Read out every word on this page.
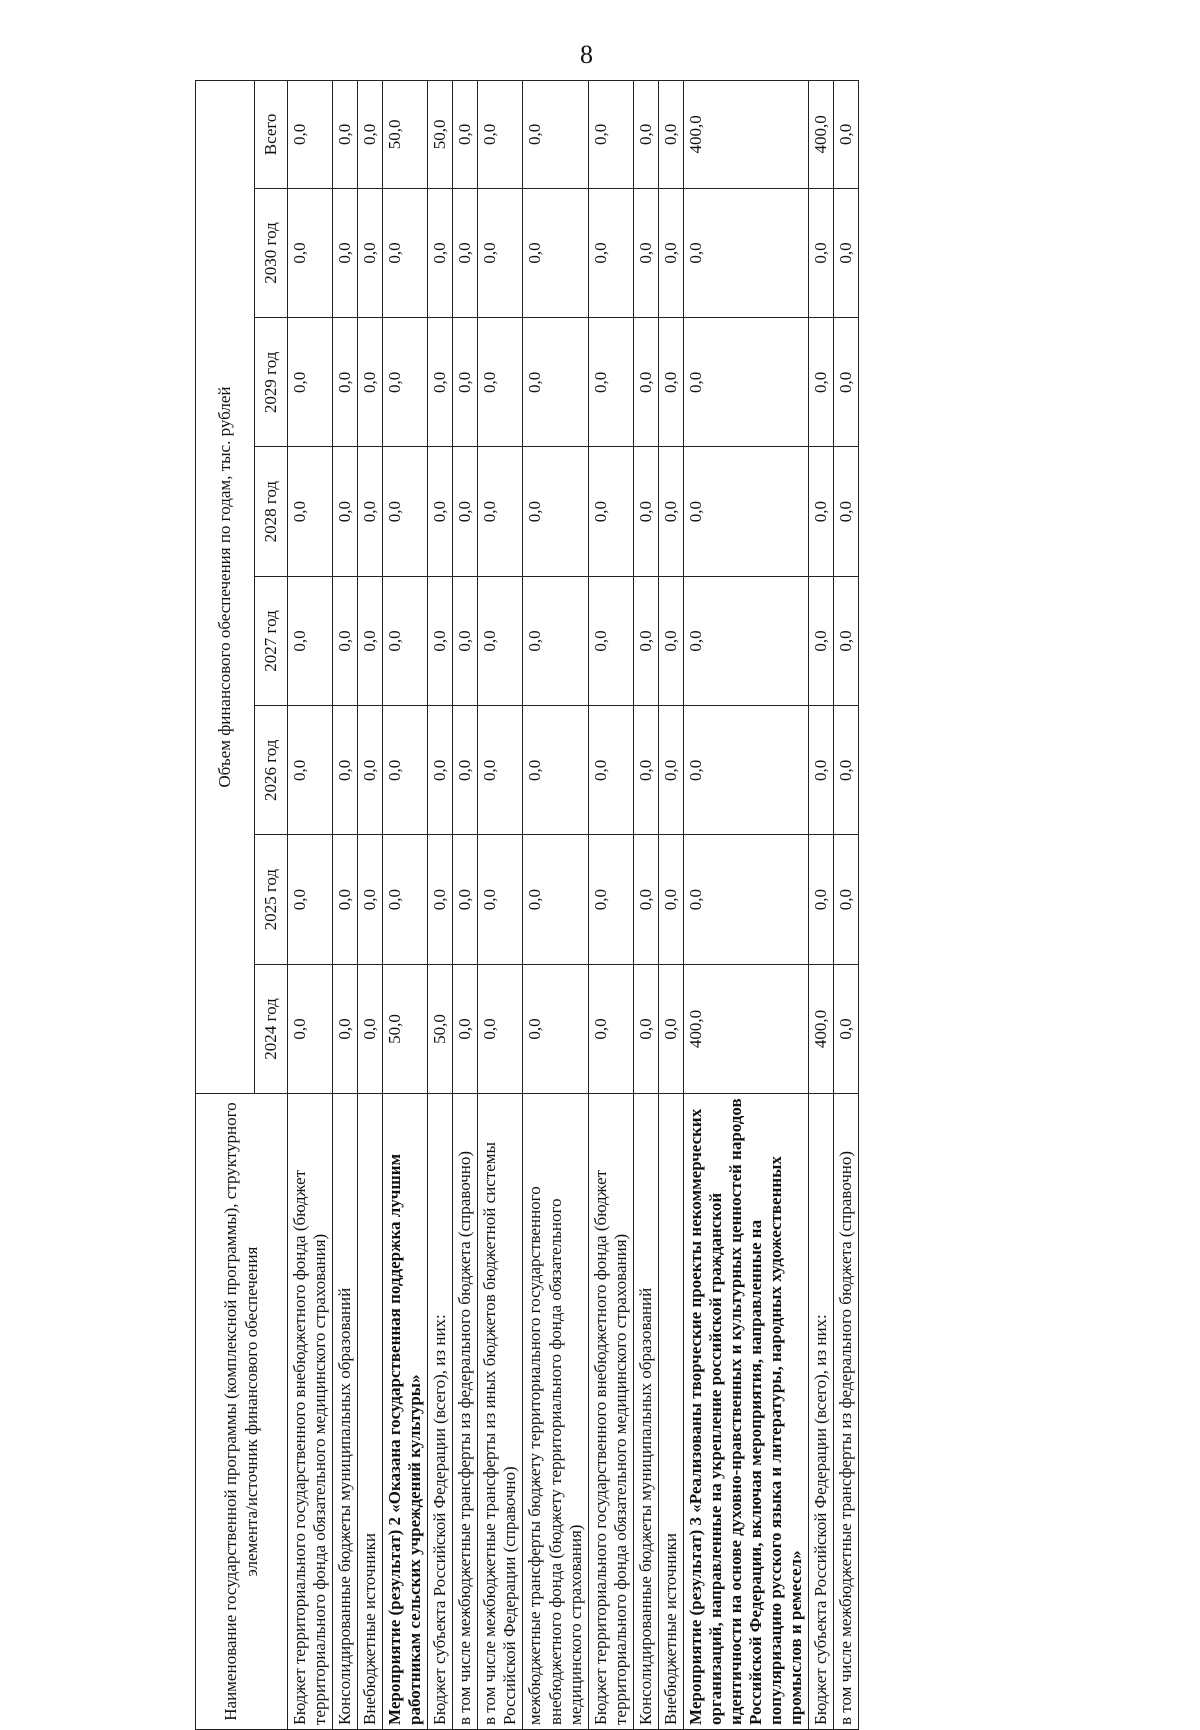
8
Наименование государственной программы (комплексной программы), структурного элемента/источник финансового обеспечения	Объем финансового обеспечения по годам, тыс. рублей							
	2024 год	2025 год	2026 год	2027 год	2028 год	2029 год	2030 год	Всего
Бюджет территориального государственного внебюджетного фонда (бюджет территориального фонда обязательного медицинского страхования)	0,0	0,0	0,0	0,0	0,0	0,0	0,0	0,0
Консолидированные бюджеты муниципальных образований	0,0	0,0	0,0	0,0	0,0	0,0	0,0	0,0
Внебюджетные источники	0,0	0,0	0,0	0,0	0,0	0,0	0,0	0,0
Мероприятие (результат) 2 «Оказана государственная поддержка лучшим работникам сельских учреждений культуры»	50,0	0,0	0,0	0,0	0,0	0,0	0,0	50,0
Бюджет субъекта Российской Федерации (всего), из них:	50,0	0,0	0,0	0,0	0,0	0,0	0,0	50,0
в том числе межбюджетные трансферты из федерального бюджета (справочно)	0,0	0,0	0,0	0,0	0,0	0,0	0,0	0,0
в том числе межбюджетные трансферты из иных бюджетов бюджетной системы Российской Федерации (справочно)	0,0	0,0	0,0	0,0	0,0	0,0	0,0	0,0
межбюджетные трансферты бюджету территориального государственного внебюджетного фонда (бюджету территориального фонда обязательного медицинского страхования)	0,0	0,0	0,0	0,0	0,0	0,0	0,0	0,0
Бюджет территориального государственного внебюджетного фонда (бюджет территориального фонда обязательного медицинского страхования)	0,0	0,0	0,0	0,0	0,0	0,0	0,0	0,0
Консолидированные бюджеты муниципальных образований	0,0	0,0	0,0	0,0	0,0	0,0	0,0	0,0
Внебюджетные источники	0,0	0,0	0,0	0,0	0,0	0,0	0,0	0,0
Мероприятие (результат) 3 «Реализованы творческие проекты некоммерческих организаций, направленные на укрепление российской гражданской идентичности на основе духовно-нравственных и культурных ценностей народов Российской Федерации, включая мероприятия, направленные на популяризацию русского языка и литературы, народных художественных промыслов и ремесел»	400,0	0,0	0,0	0,0	0,0	0,0	0,0	400,0
Бюджет субъекта Российской Федерации (всего), из них:	400,0	0,0	0,0	0,0	0,0	0,0	0,0	400,0
в том числе межбюджетные трансферты из федерального бюджета (справочно)	0,0	0,0	0,0	0,0	0,0	0,0	0,0	0,0
